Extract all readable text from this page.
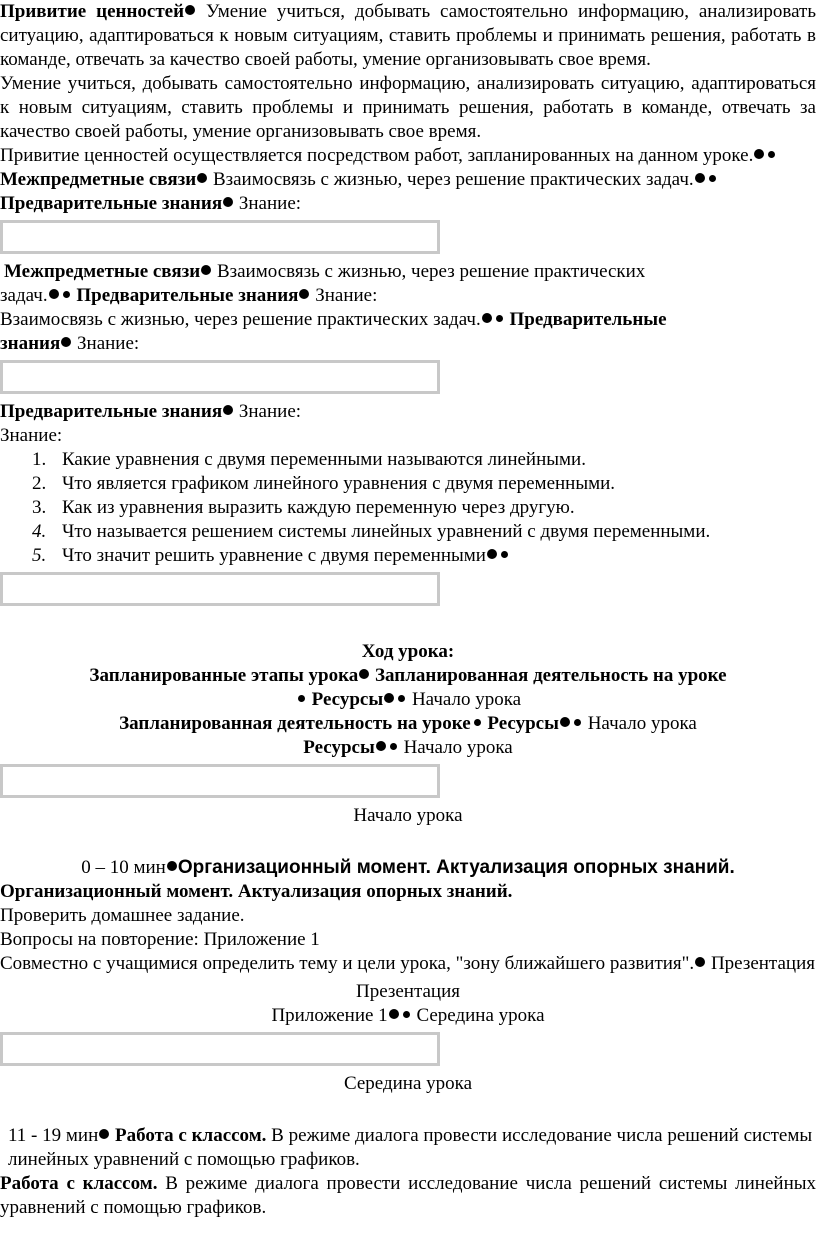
Привитие ценностей Умение учиться, добывать самостоятельно информацию, анализировать ситуацию, адаптироваться к новым ситуациям, ставить проблемы и принимать решения, работать в команде, отвечать за качество своей работы, умение организовывать свое время.

Умение учиться, добывать самостоятельно информацию, анализировать ситуацию, адаптироваться к новым ситуациям, ставить проблемы и принимать решения, работать в команде, отвечать за качество своей работы, умение организовывать свое время.

Привитие ценностей осуществляется посредством работ, запланированных на данном уроке. Межпредметные связи Взаимосвязь с жизнью, через решение практических задач. Предварительные знания Знание:

Межпредметные связи Взаимосвязь с жизнью, через решение практических

задач. Предварительные знания Знание:

Взаимосвязь с жизнью, через решение практических задач. Предварительные

знания Знание:

Предварительные знания Знание:

Знание:

1. Какие уравнения с двумя переменными называются линейными.
2. Что является графиком линейного уравнения с двумя переменными.
3. Как из уравнения выразить каждую переменную через другую.
4. Что называется решением системы линейных уравнений с двумя переменными.
5. Что значит решить уравнение с двумя переменными

Ход урока:

Запланированные этапы урока Запланированная деятельность на уроке

Ресурсы Начало урока

Запланированная деятельность на уроке Ресурсы Начало урока

Ресурсы Начало урока

Начало урока

0 – 10 мин Организационный момент. Актуализация опорных знаний.

Организационный момент. Актуализация опорных знаний.

Проверить домашнее задание.

Вопросы на повторение: Приложение 1

Совместно с учащимися определить тему и цели урока, "зону ближайшего развития". Презентация

Презентация

Приложение 1 Середина урока

Середина урока

11 - 19 мин Работа с классом. В режиме диалога провести исследование числа решений системы линейных уравнений с помощью графиков.

Работа с классом. В режиме диалога провести исследование числа решений системы линейных уравнений с помощью графиков.
